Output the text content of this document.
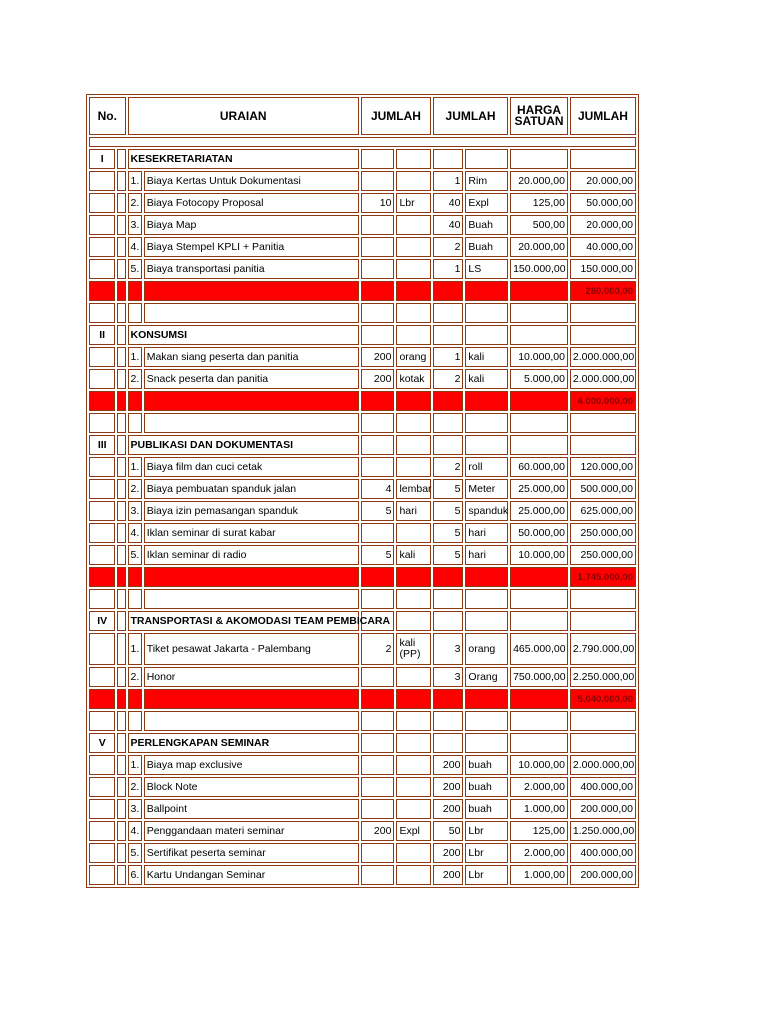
No.		URAIAN		JUMLAH		JUMLAH		HARGA SATUAN	JUMLAH

I		KESEKRETARIATAN							
		1.	Biaya Kertas Untuk Dokumentasi			1	Rim	20.000,00	20.000,00
		2.	Biaya Fotocopy Proposal	10	Lbr	40	Expl	125,00	50.000,00
		3.	Biaya Map			40	Buah	500,00	20.000,00
		4.	Biaya Stempel KPLI + Panitia			2	Buah	20.000,00	40.000,00
		5.	Biaya transportasi panitia			1	LS	150.000,00	150.000,00
									280.000,00

II		KONSUMSI							
		1.	Makan siang peserta dan panitia	200	orang	1	kali	10.000,00	2.000.000,00
		2.	Snack peserta dan panitia	200	kotak	2	kali	5.000,00	2.000.000,00
									4.000.000,00

III		PUBLIKASI DAN DOKUMENTASI							
		1.	Biaya film dan cuci cetak			2	roll	60.000,00	120.000,00
		2.	Biaya pembuatan spanduk jalan	4	lembar	5	Meter	25.000,00	500.000,00
		3.	Biaya izin pemasangan spanduk	5	hari	5	spanduk	25.000,00	625.000,00
		4.	Iklan seminar di surat kabar			5	hari	50.000,00	250.000,00
		5.	Iklan seminar di radio	5	kali	5	hari	10.000,00	250.000,00
									1.745.000,00

IV		TRANSPORTASI & AKOMODASI TEAM PEMBICARA							
		1.	Tiket pesawat Jakarta - Palembang	2	kali (PP)	3	orang	465.000,00	2.790.000,00
		2.	Honor			3	Orang	750.000,00	2.250.000,00
									5.040.000,00

V		PERLENGKAPAN SEMINAR							
		1.	Biaya map exclusive			200	buah	10.000,00	2.000.000,00
		2.	Block Note			200	buah	2.000,00	400.000,00
		3.	Ballpoint			200	buah	1.000,00	200.000,00
		4.	Penggandaan materi seminar	200	Expl	50	Lbr	125,00	1.250.000,00
		5.	Sertifikat peserta seminar			200	Lbr	2.000,00	400.000,00
		6.	Kartu Undangan Seminar			200	Lbr	1.000,00	200.000,00
